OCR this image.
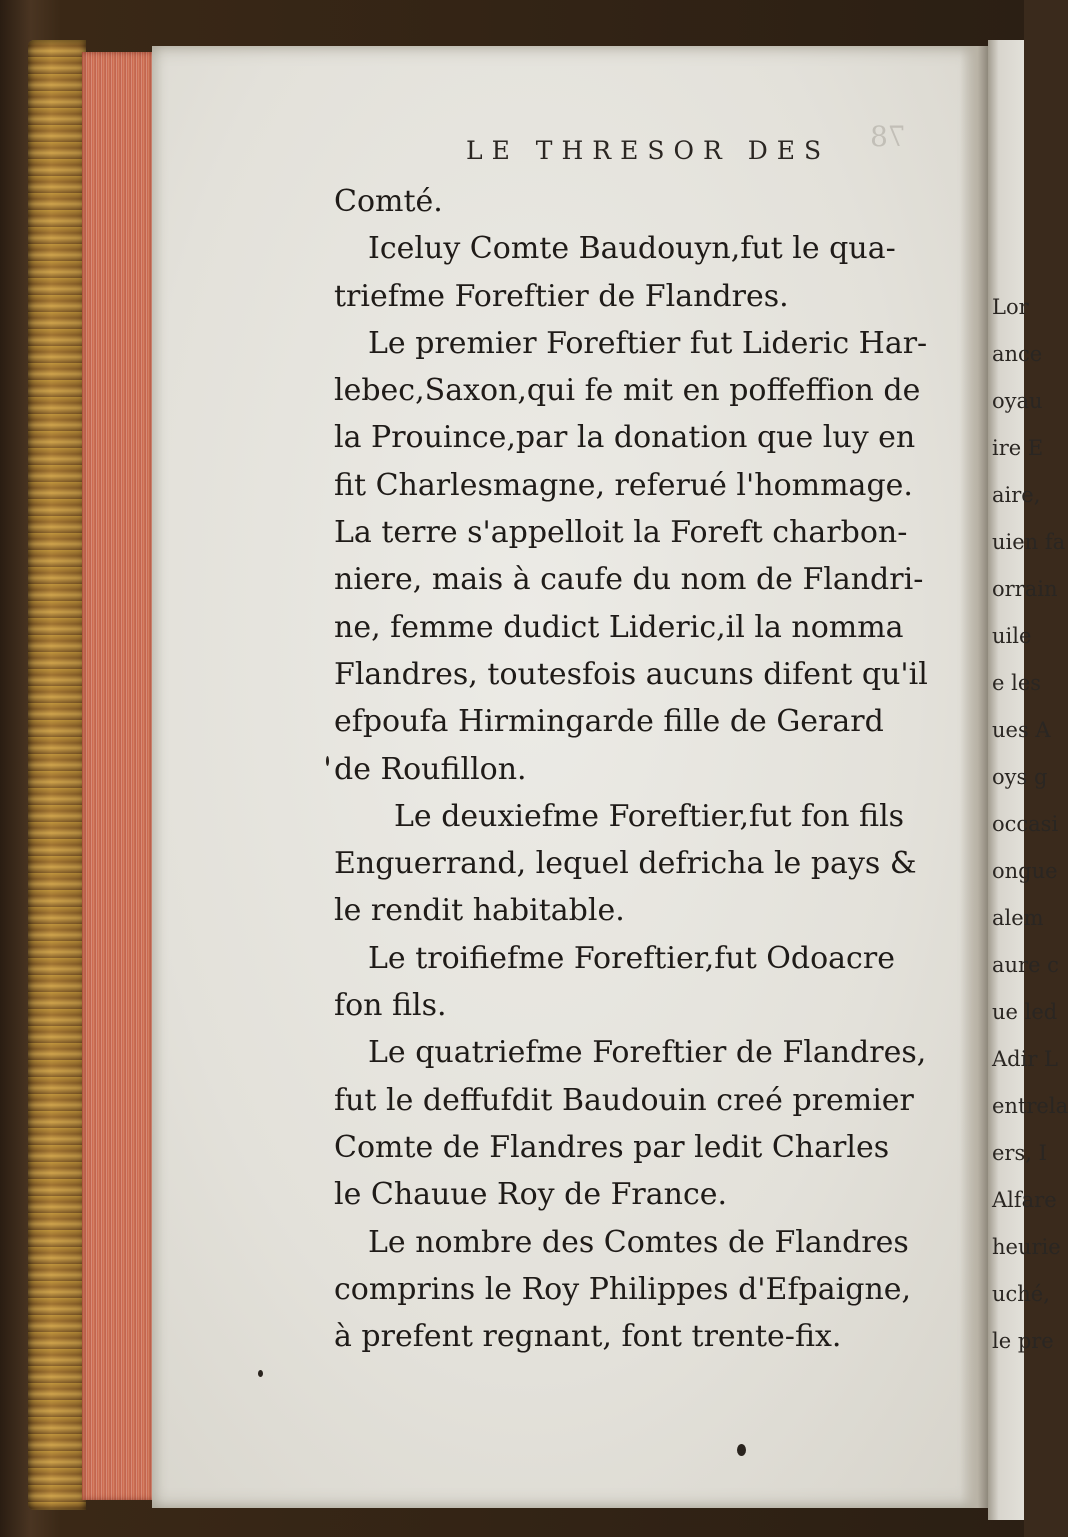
78
LE THRESOR DES
Comté.
Iceluy Comte Baudouyn,fut le qua-
triefme Foreftier de Flandres.
Le premier Foreftier fut Lideric Har-
lebec,Saxon,qui fe mit en poffeffion de
la Prouince,par la donation que luy en
fit Charlesmagne, referué l'hommage.
La terre s'appelloit la Foreft charbon-
niere, mais à caufe du nom de Flandri-
ne, femme dudict Lideric,il la nomma
Flandres, toutesfois aucuns difent qu'il
efpoufa Hirmingarde fille de Gerard
de Roufillon.
Le deuxiefme Foreftier,fut fon fils
Enguerrand, lequel defricha le pays &
le rendit habitable.
Le troifiefme Foreftier,fut Odoacre
fon fils.
Le quatriefme Foreftier de Flandres,
fut le deffufdit Baudouin creé premier
Comte de Flandres par ledit Charles
le Chauue Roy de France.
Le nombre des Comtes de Flandres
comprins le Roy Philippes d'Efpaigne,
à prefent regnant, font trente-fix.
Lor
ance
oyau
ire E
aire,
uien fa
orrain
uile
e les
ues A
oys g
occasi
ongue
alem
aure c
ue led
Adir L
entrela
ers, I
Alfare
heurie
uché,
le pre
